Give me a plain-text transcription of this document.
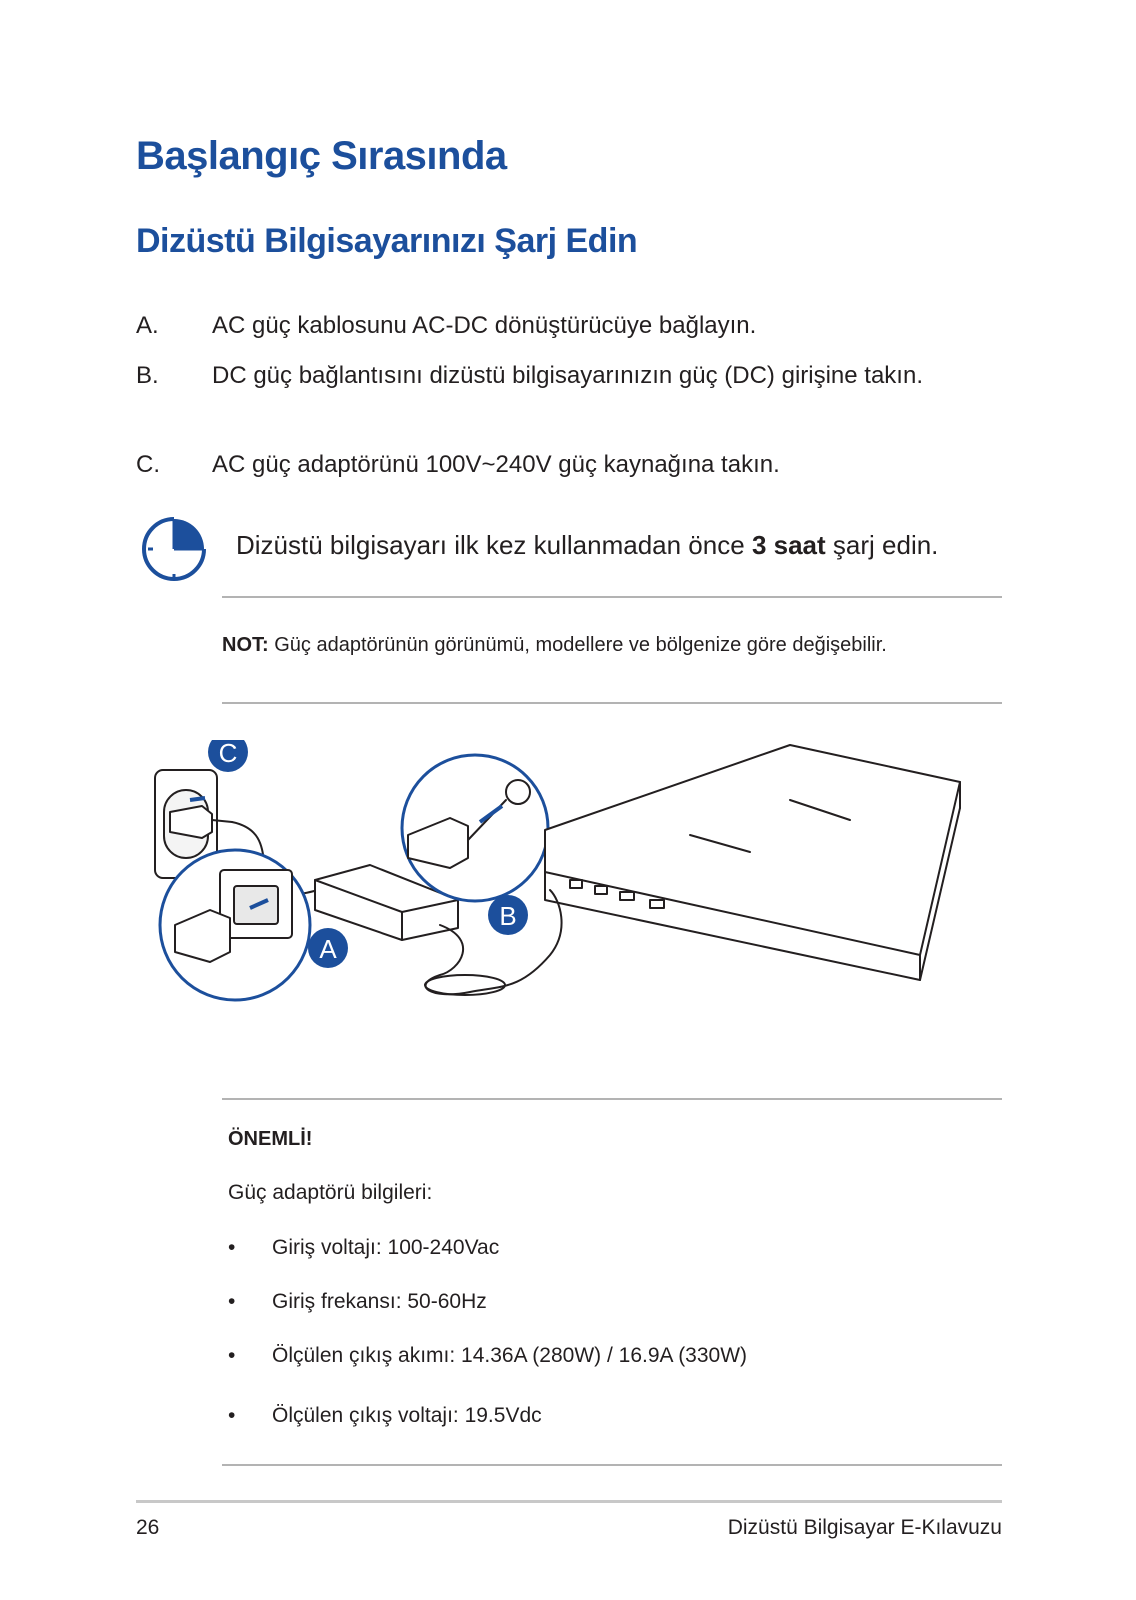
Başlangıç Sırasında
Dizüstü Bilgisayarınızı Şarj Edin
A.	AC güç kablosunu AC-DC dönüştürücüye bağlayın.
B.	DC güç bağlantısını dizüstü bilgisayarınızın güç (DC) girişine takın.
C.	AC güç adaptörünü 100V~240V güç kaynağına takın.
Dizüstü bilgisayarı ilk kez kullanmadan önce 3 saat şarj edin.
NOT: Güç adaptörünün görünümü, modellere ve bölgenize göre değişebilir.
C
B
A
ÖNEMLİ!
Güç adaptörü bilgileri:
• Giriş voltajı: 100-240Vac
• Giriş frekansı: 50-60Hz
• Ölçülen çıkış akımı: 14.36A (280W) / 16.9A (330W)
• Ölçülen çıkış voltajı: 19.5Vdc
26	Dizüstü Bilgisayar E-Kılavuzu
